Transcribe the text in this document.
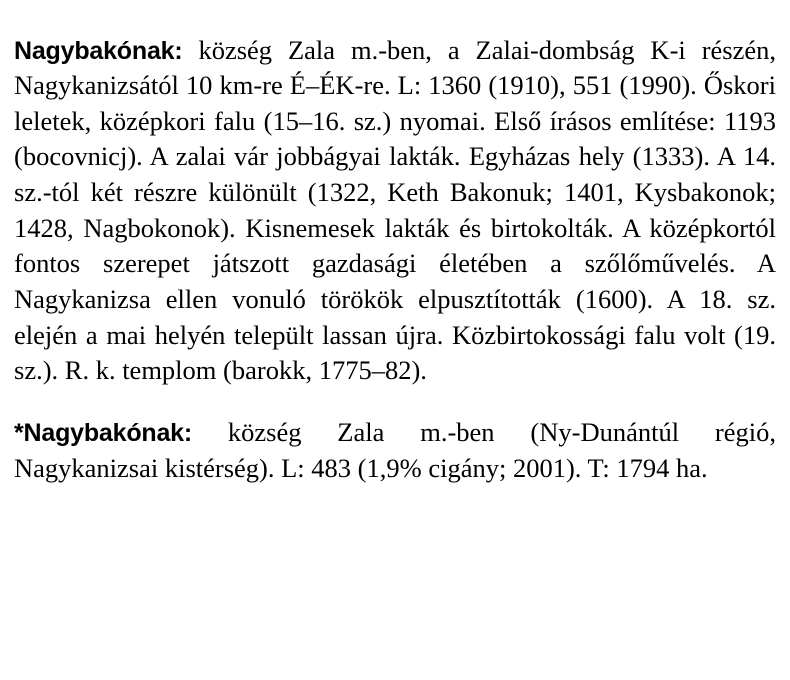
Nagybakónak: község Zala m.-ben, a Zalai-dombság K-i részén, Nagykanizsától 10 km-re É–ÉK-re. L: 1360 (1910), 551 (1990). Őskori leletek, középkori falu (15–16. sz.) nyomai. Első írásos említése: 1193 (bocovnicj). A zalai vár jobbágyai lakták. Egyházas hely (1333). A 14. sz.-tól két részre különült (1322, Keth Bakonuk; 1401, Kysbakonok; 1428, Nagbokonok). Kisnemesek lakták és birtokolták. A középkortól fontos szerepet játszott gazdasági életében a szőlőművelés. A Nagykanizsa ellen vonuló törökök elpusztították (1600). A 18. sz. elején a mai helyén települt lassan újra. Közbirtokossági falu volt (19. sz.). R. k. templom (barokk, 1775–82).

*Nagybakónak: község Zala m.-ben (Ny-Dunántúl régió, Nagykanizsai kistérség). L: 483 (1,9% cigány; 2001). T: 1794 ha.
